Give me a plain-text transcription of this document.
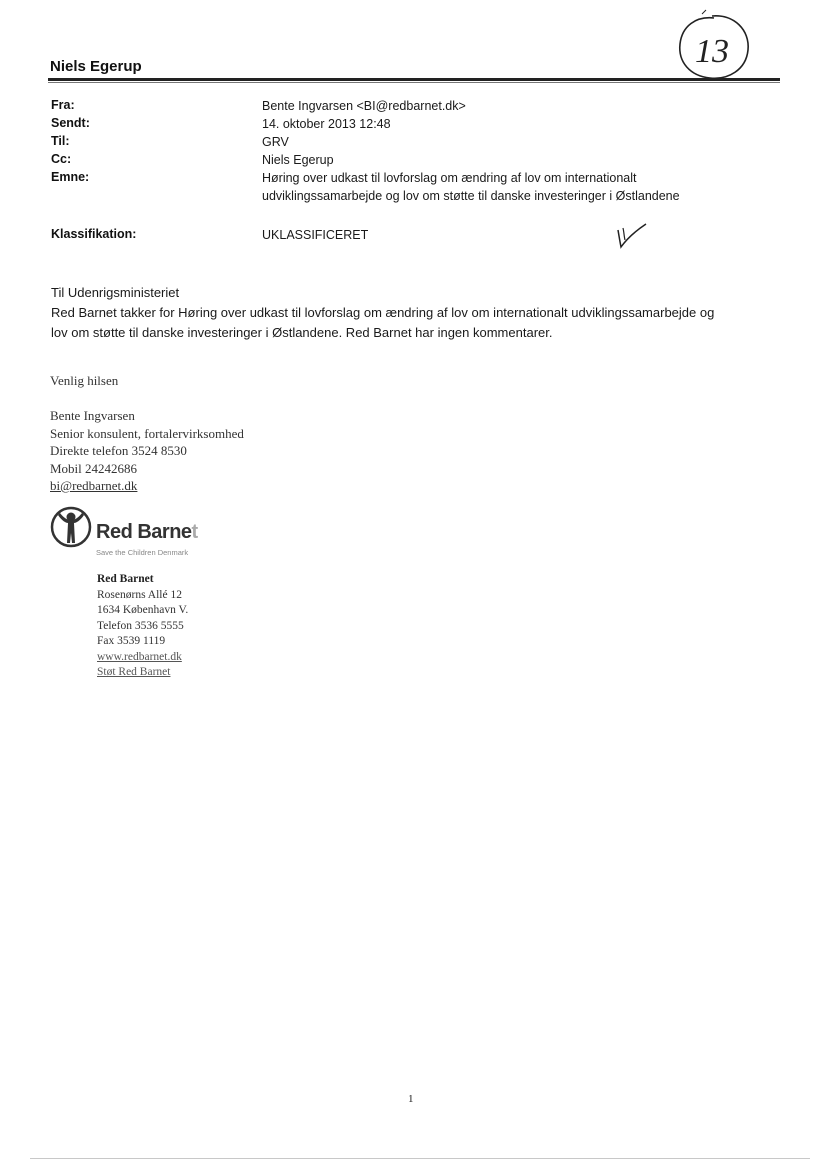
Niels Egerup	13
Fra:	Bente Ingvarsen <BI@redbarnet.dk>
Sendt:	14. oktober 2013 12:48
Til:	GRV
Cc:	Niels Egerup
Emne:	Høring over udkast til lovforslag om ændring af lov om internationalt
udviklingssamarbejde og lov om støtte til danske investeringer i Østlandene
Klassifikation:	UKLASSIFICERET
Til Udenrigsministeriet
Red Barnet takker for Høring over udkast til lovforslag om ændring af lov om internationalt udviklingssamarbejde og
lov om støtte til danske investeringer i Østlandene. Red Barnet har ingen kommentarer.
Venlig hilsen
Bente Ingvarsen
Senior konsulent, fortalervirksomhed
Direkte telefon 3524 8530
Mobil 24242686
bi@redbarnet.dk
Red Barnet
Save the Children Denmark
Red Barnet
Rosenørns Allé 12
1634 København V.
Telefon 3536 5555
Fax 3539 1119
www.redbarnet.dk
Støt Red Barnet
1
